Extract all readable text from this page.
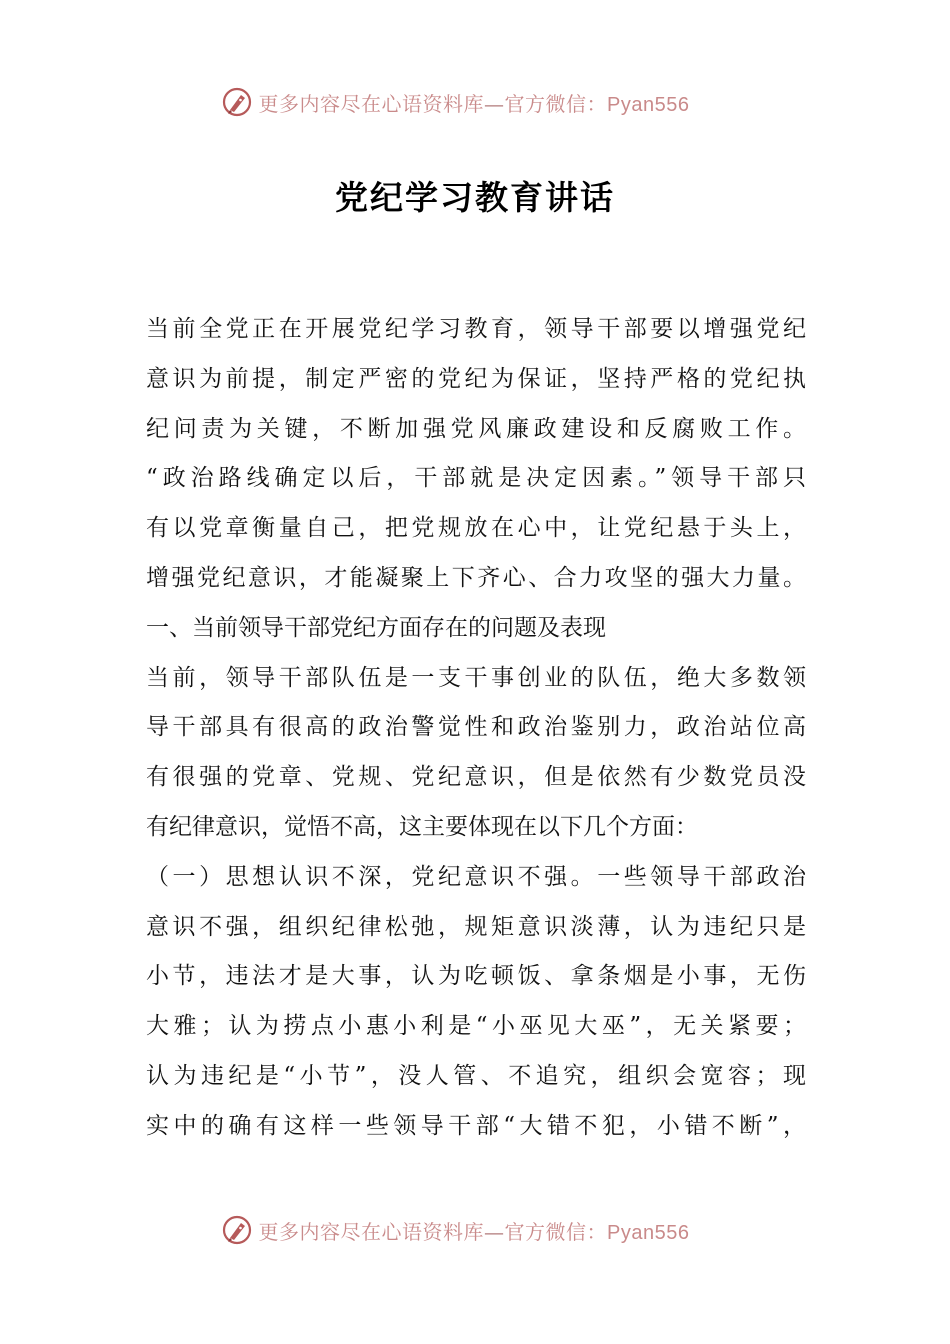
更多内容尽在心语资料库—官方微信：Pyan556
党纪学习教育讲话
当前全党正在开展党纪学习教育，领导干部要以增强党纪
意识为前提，制定严密的党纪为保证，坚持严格的党纪执
纪问责为关键，不断加强党风廉政建设和反腐败工作。
“政治路线确定以后，干部就是决定因素。”领导干部只
有以党章衡量自己，把党规放在心中，让党纪悬于头上，
增强党纪意识，才能凝聚上下齐心、合力攻坚的强大力量。
一、当前领导干部党纪方面存在的问题及表现
当前，领导干部队伍是一支干事创业的队伍，绝大多数领
导干部具有很高的政治警觉性和政治鉴别力，政治站位高
有很强的党章、党规、党纪意识，但是依然有少数党员没
有纪律意识，觉悟不高，这主要体现在以下几个方面：
（一）思想认识不深，党纪意识不强。一些领导干部政治
意识不强，组织纪律松弛，规矩意识淡薄，认为违纪只是
小节，违法才是大事，认为吃顿饭、拿条烟是小事，无伤
大雅；认为捞点小惠小利是“小巫见大巫”，无关紧要；
认为违纪是“小节”，没人管、不追究，组织会宽容；现
实中的确有这样一些领导干部“大错不犯，小错不断”，
更多内容尽在心语资料库—官方微信：Pyan556
